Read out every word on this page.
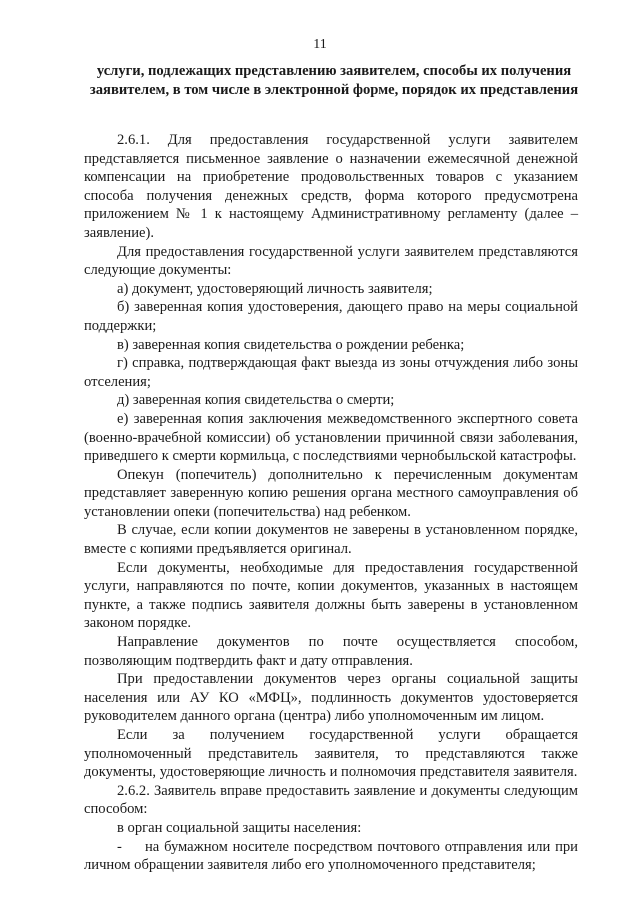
11
услуги, подлежащих представлению заявителем, способы их получения заявителем, в том числе в электронной форме, порядок их представления

2.6.1. Для предоставления государственной услуги заявителем представляется письменное заявление о назначении ежемесячной денежной компенсации на приобретение продовольственных товаров с указанием способа получения денежных средств, форма которого предусмотрена приложением № 1 к настоящему Административному регламенту (далее – заявление).

Для предоставления государственной услуги заявителем представляются следующие документы:

а) документ, удостоверяющий личность заявителя;

б) заверенная копия удостоверения, дающего право на меры социальной поддержки;

в) заверенная копия свидетельства о рождении ребенка;

г) справка, подтверждающая факт выезда из зоны отчуждения либо зоны отселения;

д) заверенная копия свидетельства о смерти;

е) заверенная копия заключения межведомственного экспертного совета (военно-врачебной комиссии) об установлении причинной связи заболевания, приведшего к смерти кормильца, с последствиями чернобыльской катастрофы.

Опекун (попечитель) дополнительно к перечисленным документам представляет заверенную копию решения органа местного самоуправления об установлении опеки (попечительства) над ребенком.

В случае, если копии документов не заверены в установленном порядке, вместе с копиями предъявляется оригинал.

Если документы, необходимые для предоставления государственной услуги, направляются по почте, копии документов, указанных в настоящем пункте, а также подпись заявителя должны быть заверены в установленном законом порядке.

Направление документов по почте осуществляется способом, позволяющим подтвердить факт и дату отправления.

При предоставлении документов через органы социальной защиты населения или АУ КО «МФЦ», подлинность документов удостоверяется руководителем данного органа (центра) либо уполномоченным им лицом.

Если за получением государственной услуги обращается уполномоченный представитель заявителя, то представляются также документы, удостоверяющие личность и полномочия представителя заявителя.

2.6.2. Заявитель вправе предоставить заявление и документы следующим способом:

в орган социальной защиты населения:

- на бумажном носителе посредством почтового отправления или при личном обращении заявителя либо его уполномоченного представителя;
